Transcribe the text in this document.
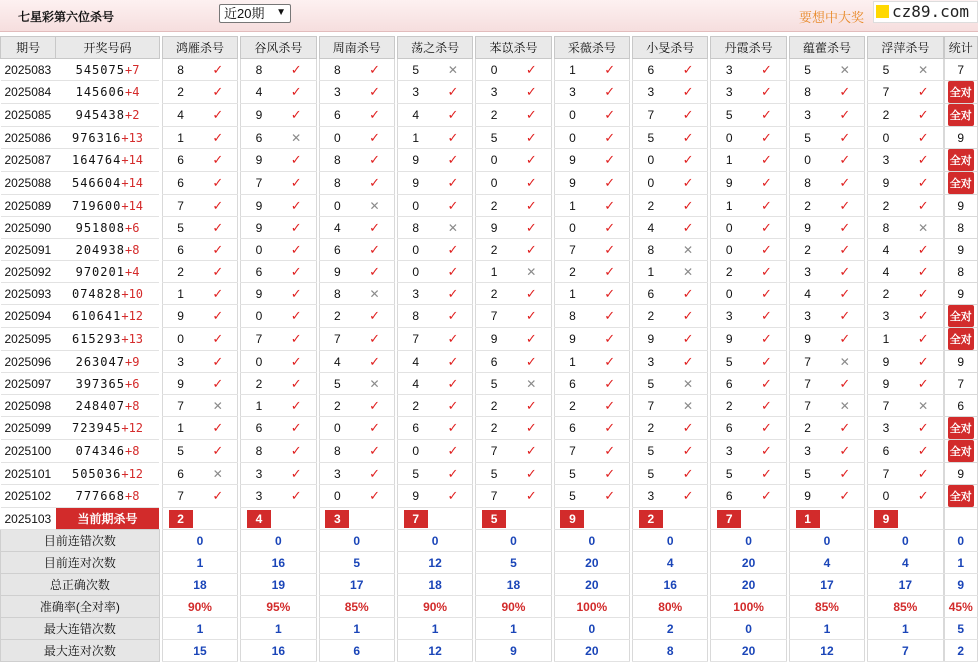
七星彩第六位杀号	近20期 ▼	要想中大奖	cz89.com
期号	开奖号码		鸿雁杀号			谷风杀号			周南杀号			荡之杀号			苯苡杀号			采薇杀号			小旻杀号			丹霞杀号			蕴藿杀号			浮萍杀号		统计
2025083	545075+7		8	✓		8	✓		8	✓		5	✕		0	✓		1	✓		6	✓		3	✓		5	✕		5	✕		7
2025084	145606+4		2	✓		4	✓		3	✓		3	✓		3	✓		3	✓		3	✓		3	✓		8	✓		7	✓		全对
2025085	945438+2		4	✓		9	✓		6	✓		4	✓		2	✓		0	✓		7	✓		5	✓		3	✓		2	✓		全对
2025086	976316+13		1	✓		6	✕		0	✓		1	✓		5	✓		0	✓		5	✓		0	✓		5	✓		0	✓		9
2025087	164764+14		6	✓		9	✓		8	✓		9	✓		0	✓		9	✓		0	✓		1	✓		0	✓		3	✓		全对
2025088	546604+14		6	✓		7	✓		8	✓		9	✓		0	✓		9	✓		0	✓		9	✓		8	✓		9	✓		全对
2025089	719600+14		7	✓		9	✓		0	✕		0	✓		2	✓		1	✓		2	✓		1	✓		2	✓		2	✓		9
2025090	951808+6		5	✓		9	✓		4	✓		8	✕		9	✓		0	✓		4	✓		0	✓		9	✓		8	✕		8
2025091	204938+8		6	✓		0	✓		6	✓		0	✓		2	✓		7	✓		8	✕		0	✓		2	✓		4	✓		9
2025092	970201+4		2	✓		6	✓		9	✓		0	✓		1	✕		2	✓		1	✕		2	✓		3	✓		4	✓		8
2025093	074828+10		1	✓		9	✓		8	✕		3	✓		2	✓		1	✓		6	✓		0	✓		4	✓		2	✓		9
2025094	610641+12		9	✓		0	✓		2	✓		8	✓		7	✓		8	✓		2	✓		3	✓		3	✓		3	✓		全对
2025095	615293+13		0	✓		7	✓		7	✓		7	✓		9	✓		9	✓		9	✓		9	✓		9	✓		1	✓		全对
2025096	263047+9		3	✓		0	✓		4	✓		4	✓		6	✓		1	✓		3	✓		5	✓		7	✕		9	✓		9
2025097	397365+6		9	✓		2	✓		5	✕		4	✓		5	✕		6	✓		5	✕		6	✓		7	✓		9	✓		7
2025098	248407+8		7	✕		1	✓		2	✓		2	✓		2	✓		2	✓		7	✕		2	✓		7	✕		7	✕		6
2025099	723945+12		1	✓		6	✓		0	✓		6	✓		2	✓		6	✓		2	✓		6	✓		2	✓		3	✓		全对
2025100	074346+8		5	✓		8	✓		8	✓		0	✓		7	✓		7	✓		5	✓		3	✓		3	✓		6	✓		全对
2025101	505036+12		6	✕		3	✓		3	✓		5	✓		5	✓		5	✓		5	✓		5	✓		5	✓		7	✓		9
2025102	777668+8		7	✓		3	✓		0	✓		9	✓		7	✓		5	✓		3	✓		6	✓		9	✓		0	✓		全对
2025103	当前期杀号		2			4			3			7			5			9			2			7			1			9			
目前连错次数			0			0			0			0			0			0			0			0			0			0		0
目前连对次数			1			16			5			12			5			20			4			20			4			4		1
总正确次数			18			19			17			18			18			20			16			20			17			17		9
准确率(全对率)			90%			95%			85%			90%			90%			100%			80%			100%			85%			85%		45%
最大连错次数			1			1			1			1			1			0			2			0			1			1		5
最大连对次数			15			16			6			12			9			20			8			20			12			7		2
